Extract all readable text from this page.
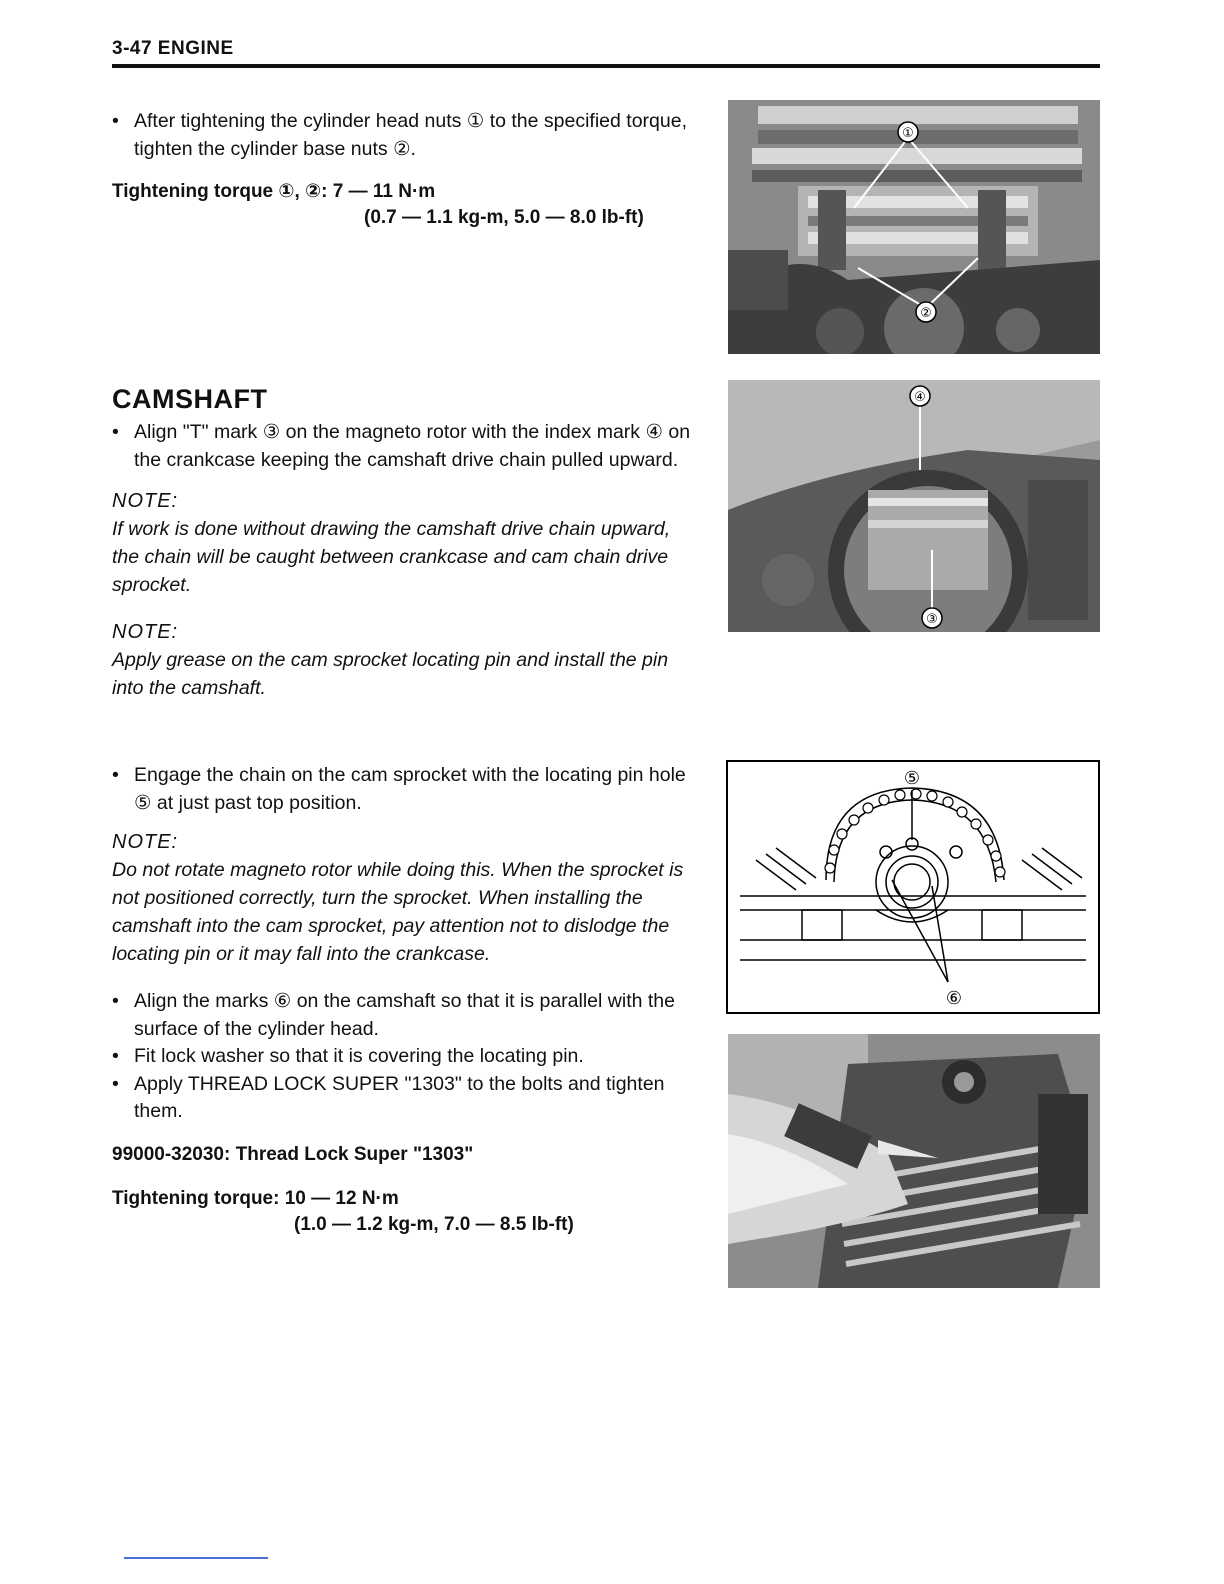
3-47 ENGINE
• After tightening the cylinder head nuts ① to the specified torque, tighten the cylinder base nuts ②.
Tightening torque ①, ②: 7 — 11 N·m
(0.7 — 1.1 kg-m, 5.0 — 8.0 lb-ft)
CAMSHAFT
• Align "T" mark ③ on the magneto rotor with the index mark ④ on the crankcase keeping the camshaft drive chain pulled upward.
NOTE:
If work is done without drawing the camshaft drive chain upward, the chain will be caught between crankcase and cam chain drive sprocket.
NOTE:
Apply grease on the cam sprocket locating pin and install the pin into the camshaft.
• Engage the chain on the cam sprocket with the locating pin hole ⑤ at just past top position.
NOTE:
Do not rotate magneto rotor while doing this. When the sprocket is not positioned correctly, turn the sprocket. When installing the camshaft into the cam sprocket, pay attention not to dislodge the locating pin or it may fall into the crankcase.
• Align the marks ⑥ on the camshaft so that it is parallel with the surface of the cylinder head.
• Fit lock washer so that it is covering the locating pin.
• Apply THREAD LOCK SUPER "1303" to the bolts and tighten them.
99000-32030: Thread Lock Super "1303"
Tightening torque: 10 — 12 N·m
(1.0 — 1.2 kg-m, 7.0 — 8.5 lb-ft)
①
②
④
③
⑤
⑥
